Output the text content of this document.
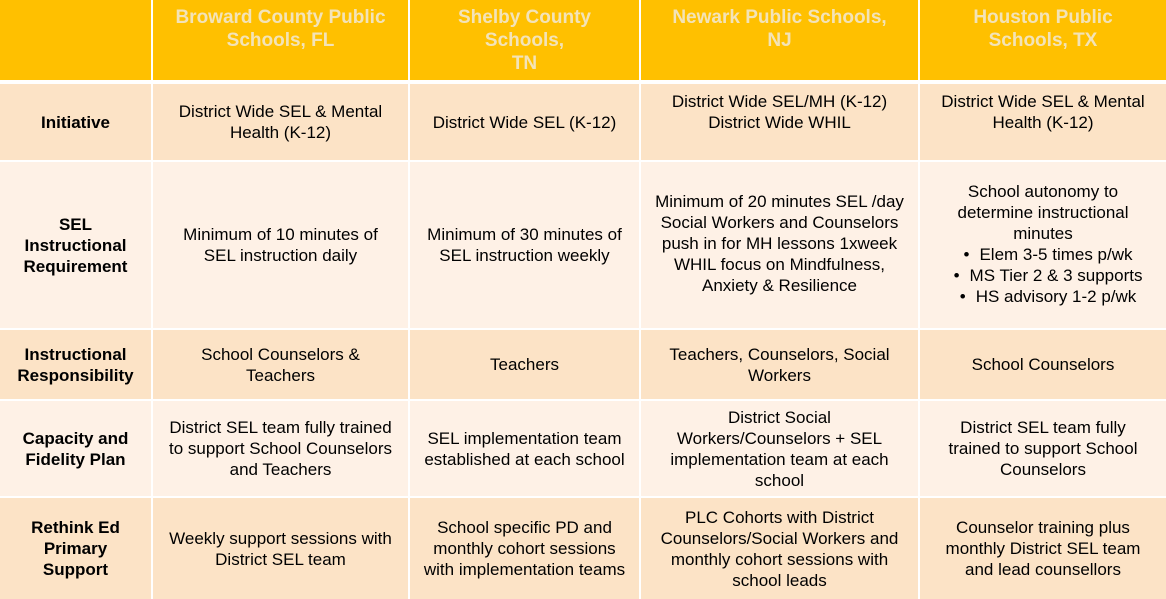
Broward County Public
Schools, FL
Shelby County
Schools,
TN
Newark Public Schools,
NJ
Houston Public
Schools, TX
Initiative
District Wide SEL & Mental
Health (K-12)
District Wide SEL (K-12)
District Wide SEL/MH (K-12)
District Wide WHIL
District Wide SEL & Mental
Health (K-12)
SEL
Instructional
Requirement
Minimum of 10 minutes of
SEL instruction daily
Minimum of 30 minutes of
SEL instruction weekly
Minimum of 20 minutes SEL /day
Social Workers and Counselors
push in for MH lessons 1xweek
WHIL focus on Mindfulness,
Anxiety & Resilience
School autonomy to
determine instructional
minutes
• Elem 3-5 times p/wk
• MS Tier 2 & 3 supports
• HS advisory 1-2 p/wk
Instructional
Responsibility
School Counselors &
Teachers
Teachers
Teachers, Counselors, Social
Workers
School Counselors
Capacity and
Fidelity Plan
District SEL team fully trained
to support School Counselors
and Teachers
SEL implementation team
established at each school
District Social
Workers/Counselors + SEL
implementation team at each
school
District SEL team fully
trained to support School
Counselors
Rethink Ed
Primary
Support
Weekly support sessions with
District SEL team
School specific PD and
monthly cohort sessions
with implementation teams
PLC Cohorts with District
Counselors/Social Workers and
monthly cohort sessions with
school leads
Counselor training plus
monthly District SEL team
and lead counsellors
